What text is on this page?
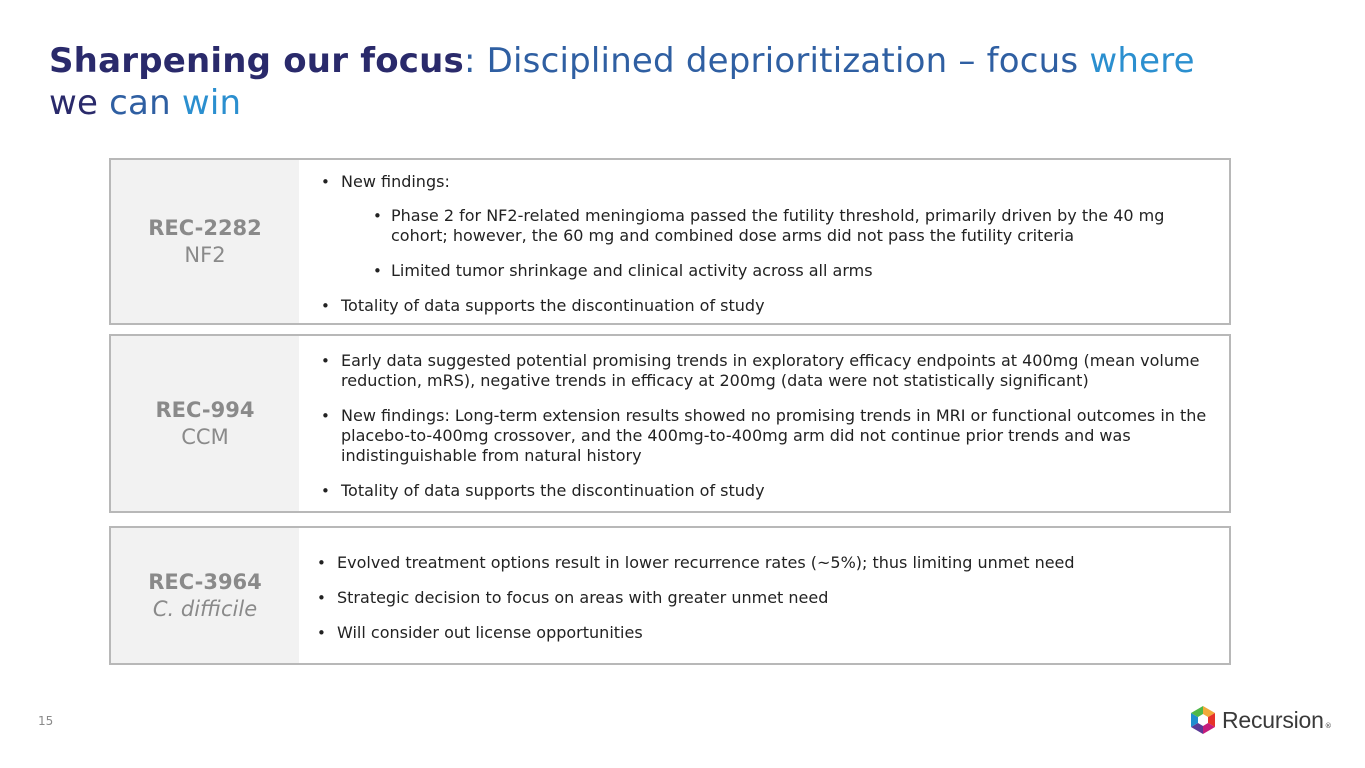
Sharpening our focus: Disciplined deprioritization – focus where
we can win
REC-2282
NF2
• New findings:
• Phase 2 for NF2-related meningioma passed the futility threshold, primarily driven by the 40 mg cohort; however, the 60 mg and combined dose arms did not pass the futility criteria
• Limited tumor shrinkage and clinical activity across all arms
• Totality of data supports the discontinuation of study
REC-994
CCM
• Early data suggested potential promising trends in exploratory efficacy endpoints at 400mg (mean volume reduction, mRS), negative trends in efficacy at 200mg (data were not statistically significant)
• New findings: Long-term extension results showed no promising trends in MRI or functional outcomes in the placebo-to-400mg crossover, and the 400mg-to-400mg arm did not continue prior trends and was indistinguishable from natural history
• Totality of data supports the discontinuation of study
REC-3964
C. difficile
• Evolved treatment options result in lower recurrence rates (~5%); thus limiting unmet need
• Strategic decision to focus on areas with greater unmet need
• Will consider out license opportunities
15	Recursion ®
